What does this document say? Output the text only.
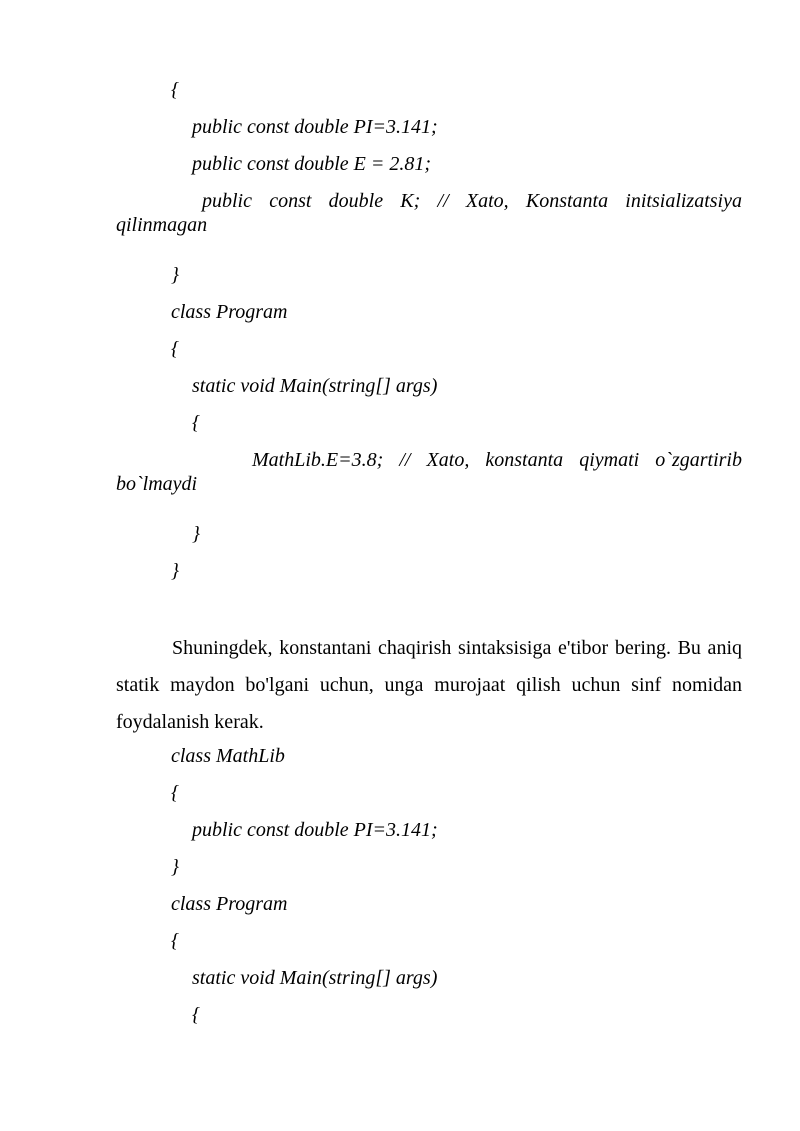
{
public const double PI=3.141;
public const double E = 2.81;
public const double K; // Xato, Konstanta initsializatsiya qilinmagan
}
class Program
{
static void Main(string[] args)
{
MathLib.E=3.8; // Xato, konstanta qiymati o`zgartirib bo`lmaydi
}
}
Shuningdek, konstantani chaqirish sintaksisiga e'tibor bering. Bu aniq statik maydon bo'lgani uchun, unga murojaat qilish uchun sinf nomidan foydalanish kerak.
class MathLib
{
public const double PI=3.141;
}
class Program
{
static void Main(string[] args)
{
